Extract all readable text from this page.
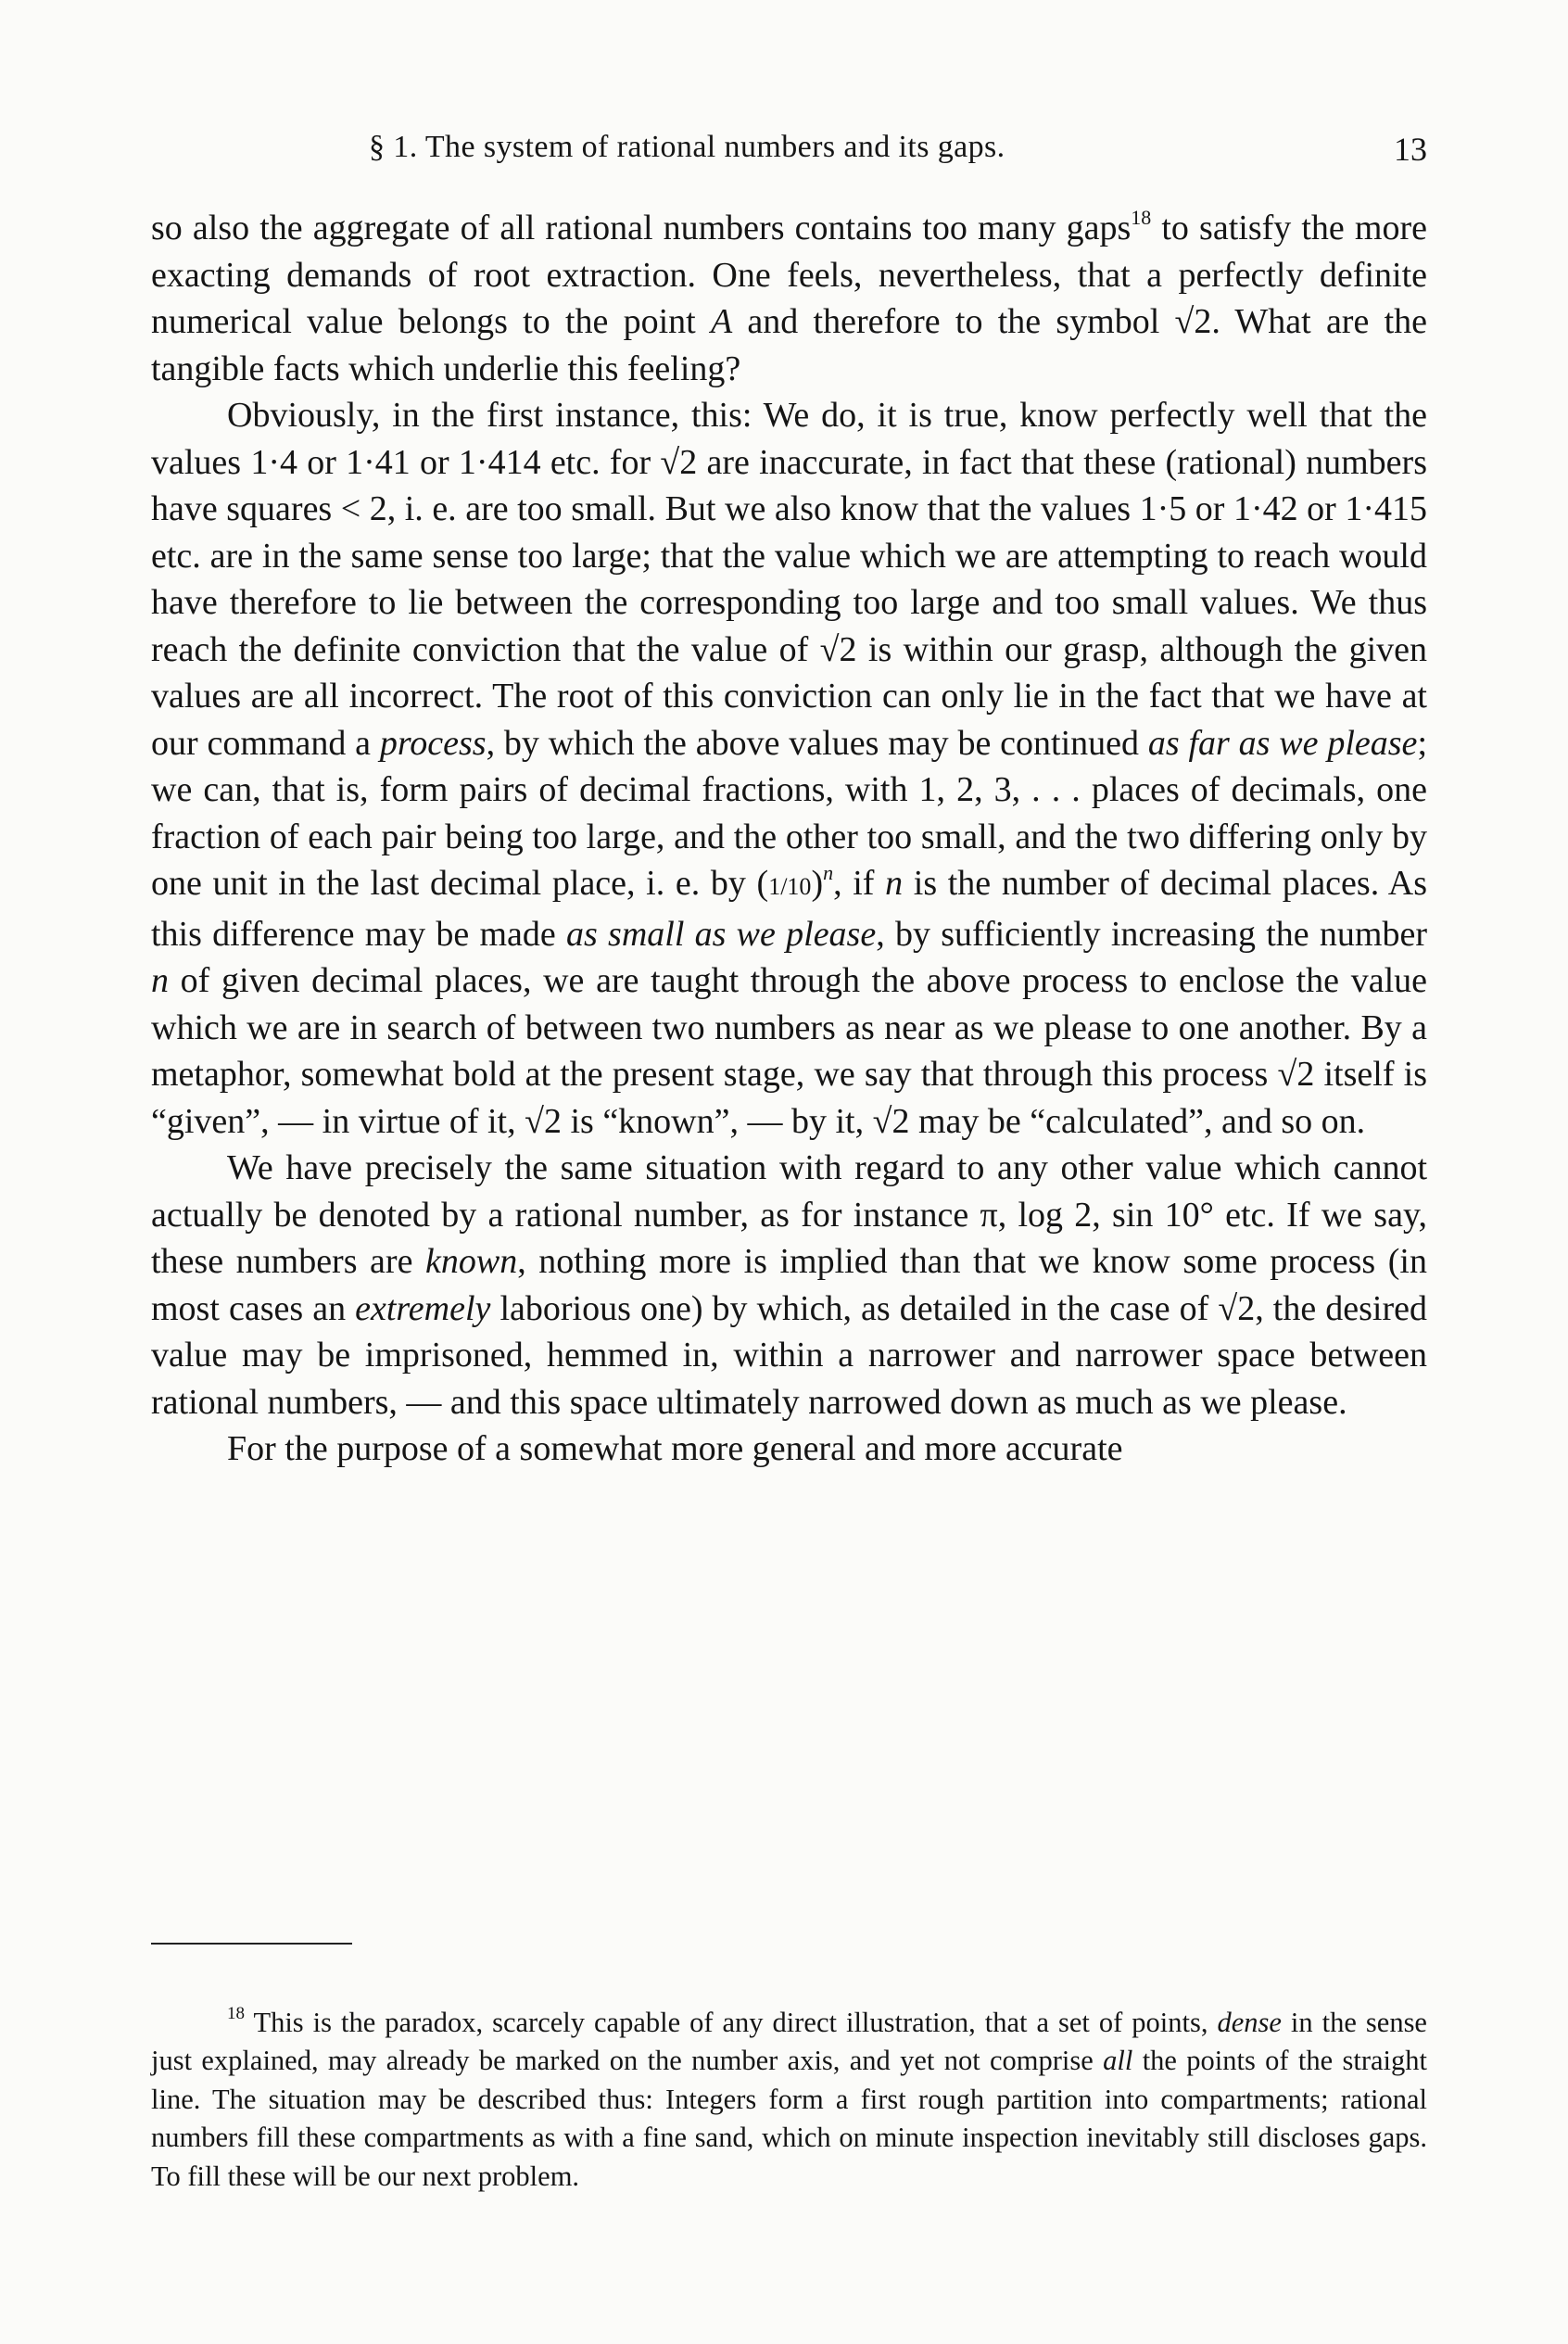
§ 1. The system of rational numbers and its gaps.	13

so also the aggregate of all rational numbers contains too many gaps$^{18}$ to satisfy the more exacting demands of root extraction. One feels, nevertheless, that a perfectly definite numerical value belongs to the point A and therefore to the symbol √2. What are the tangible facts which underlie this feeling?

Obviously, in the first instance, this: We do, it is true, know perfectly well that the values 1·4 or 1·41 or 1·414 etc. for √2 are inaccurate, in fact that these (rational) numbers have squares < 2, i. e. are too small. But we also know that the values 1·5 or 1·42 or 1·415 etc. are in the same sense too large; that the value which we are attempting to reach would have therefore to lie between the corresponding too large and too small values. We thus reach the definite conviction that the value of √2 is within our grasp, although the given values are all incorrect. The root of this conviction can only lie in the fact that we have at our command a process, by which the above values may be continued as far as we please; we can, that is, form pairs of decimal fractions, with 1, 2, 3, . . . places of decimals, one fraction of each pair being too large, and the other too small, and the two differing only by one unit in the last decimal place, i. e. by $(1/10)^n$, if n is the number of decimal places. As this difference may be made as small as we please, by sufficiently increasing the number n of given decimal places, we are taught through the above process to enclose the value which we are in search of between two numbers as near as we please to one another. By a metaphor, somewhat bold at the present stage, we say that through this process √2 itself is “given”, — in virtue of it, √2 is “known”, — by it, √2 may be “calculated”, and so on.

We have precisely the same situation with regard to any other value which cannot actually be denoted by a rational number, as for instance π, log 2, sin 10° etc. If we say, these numbers are known, nothing more is implied than that we know some process (in most cases an extremely laborious one) by which, as detailed in the case of √2, the desired value may be imprisoned, hemmed in, within a narrower and narrower space between rational numbers, — and this space ultimately narrowed down as much as we please.

For the purpose of a somewhat more general and more accurate

$^{18}$ This is the paradox, scarcely capable of any direct illustration, that a set of points, dense in the sense just explained, may already be marked on the number axis, and yet not comprise all the points of the straight line. The situation may be described thus: Integers form a first rough partition into compartments; rational numbers fill these compartments as with a fine sand, which on minute inspection inevitably still discloses gaps. To fill these will be our next problem.
